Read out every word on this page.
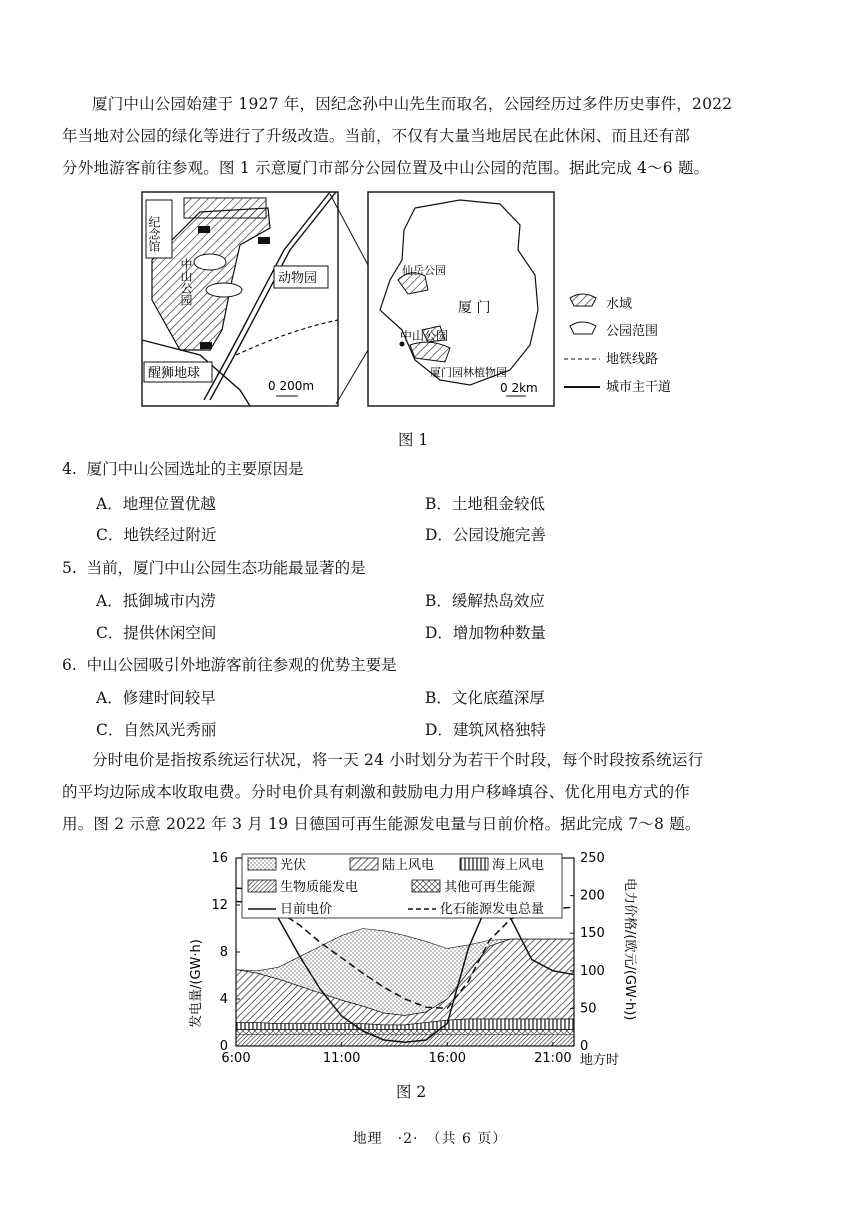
厦门中山公园始建于 1927 年，因纪念孙中山先生而取名，公园经历过多件历史事件，2022
年当地对公园的绿化等进行了升级改造。当前，不仅有大量当地居民在此休闲、而且还有部
分外地游客前往参观。图 1 示意厦门市部分公园位置及中山公园的范围。据此完成 4～6 题。
纪念馆
中山公园	动物园
醒狮地球
0 200m
仙岳公园
厦 门
中山公园
厦门园林植物园
0 2km
水域
公园范围
地铁线路
城市主干道
图 1
4. 厦门中山公园选址的主要原因是
A．地理位置优越	B．土地租金较低
C．地铁经过附近	D．公园设施完善
5. 当前，厦门中山公园生态功能最显著的是
A．抵御城市内涝	B．缓解热岛效应
C．提供休闲空间	D．增加物种数量
6. 中山公园吸引外地游客前往参观的优势主要是
A．修建时间较早	B．文化底蕴深厚
C．自然风光秀丽	D．建筑风格独特
分时电价是指按系统运行状况，将一天 24 小时划分为若干个时段，每个时段按系统运行
的平均边际成本收取电费。分时电价具有刺激和鼓励电力用户移峰填谷、优化用电方式的作
用。图 2 示意 2022 年 3 月 19 日德国可再生能源发电量与日前价格。据此完成 7～8 题。
0
4
8
12
16
0
50
100
150
200
250
6:00	11:00	16:00	21:00
光伏	陆上风电	海上风电
生物质能发电	其他可再生能源
日前电价	化石能源发电总量
发电量/(GW·h)	电力价格/(欧元/(GW·h))
地方时
图 2
地理　·2·　（共 6 页）
